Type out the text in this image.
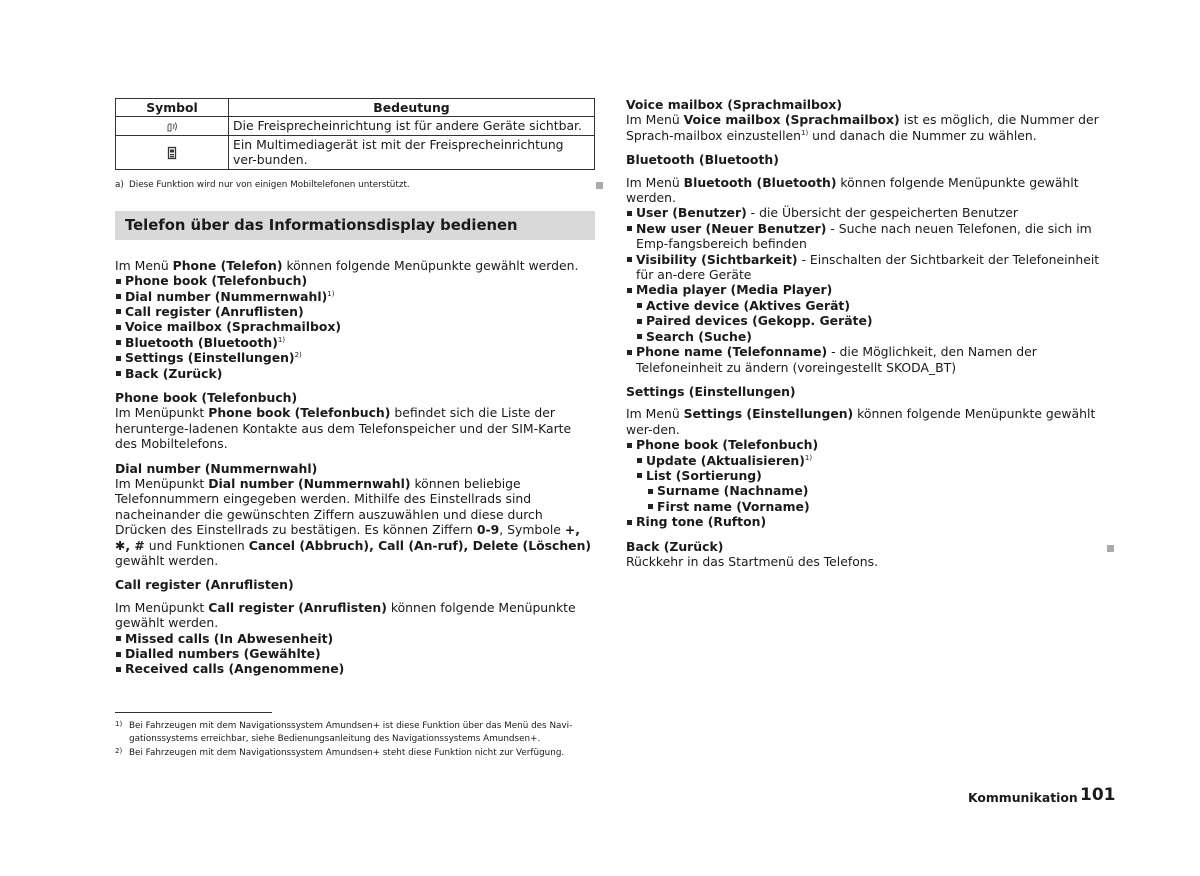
Symbol	Bedeutung
	Die Freisprecheinrichtung ist für andere Geräte sichtbar.
	Ein Multimediagerät ist mit der Freisprecheinrichtung ver-bunden.
a) Diese Funktion wird nur von einigen Mobiltelefonen unterstützt.
Telefon über das Informationsdisplay bedienen

Im Menü Phone (Telefon) können folgende Menüpunkte gewählt werden.

Phone book (Telefonbuch)
Dial number (Nummernwahl)$^{1)}$
Call register (Anruflisten)
Voice mailbox (Sprachmailbox)
Bluetooth (Bluetooth)$^{1)}$
Settings (Einstellungen)$^{2)}$
Back (Zurück)

Phone book (Telefonbuch)

Im Menüpunkt Phone book (Telefonbuch) befindet sich die Liste der herunterge-ladenen Kontakte aus dem Telefonspeicher und der SIM-Karte des Mobiltelefons.

Dial number (Nummernwahl)

Im Menüpunkt Dial number (Nummernwahl) können beliebige Telefonnummern eingegeben werden. Mithilfe des Einstellrads sind nacheinander die gewünschten Ziffern auszuwählen und diese durch Drücken des Einstellrads zu bestätigen. Es können Ziffern 0-9, Symbole +, ✱, # und Funktionen Cancel (Abbruch), Call (An-ruf), Delete (Löschen) gewählt werden.

Call register (Anruflisten)

Im Menüpunkt Call register (Anruflisten) können folgende Menüpunkte gewählt werden.

Missed calls (In Abwesenheit)
Dialled numbers (Gewählte)
Received calls (Angenommene)

Voice mailbox (Sprachmailbox)

Im Menü Voice mailbox (Sprachmailbox) ist es möglich, die Nummer der Sprach-mailbox einzustellen$^{1)}$ und danach die Nummer zu wählen.

Bluetooth (Bluetooth)

Im Menü Bluetooth (Bluetooth) können folgende Menüpunkte gewählt werden.

User (Benutzer) - die Übersicht der gespeicherten Benutzer
New user (Neuer Benutzer) - Suche nach neuen Telefonen, die sich im Emp-fangsbereich befinden
Visibility (Sichtbarkeit) - Einschalten der Sichtbarkeit der Telefoneinheit für an-dere Geräte
Media player (Media Player)
Active device (Aktives Gerät)
Paired devices (Gekopp. Geräte)
Search (Suche)
Phone name (Telefonname) - die Möglichkeit, den Namen der Telefoneinheit zu ändern (voreingestellt SKODA_BT)

Settings (Einstellungen)

Im Menü Settings (Einstellungen) können folgende Menüpunkte gewählt wer-den.

Phone book (Telefonbuch)
Update (Aktualisieren)$^{1)}$
List (Sortierung)
Surname (Nachname)
First name (Vorname)
Ring tone (Rufton)

Back (Zurück)

Rückkehr in das Startmenü des Telefons.

1) Bei Fahrzeugen mit dem Navigationssystem Amundsen+ ist diese Funktion über das Menü des Navi-gationssystems erreichbar, siehe Bedienungsanleitung des Navigationssystems Amundsen+.
2) Bei Fahrzeugen mit dem Navigationssystem Amundsen+ steht diese Funktion nicht zur Verfügung.
Kommunikation 101
